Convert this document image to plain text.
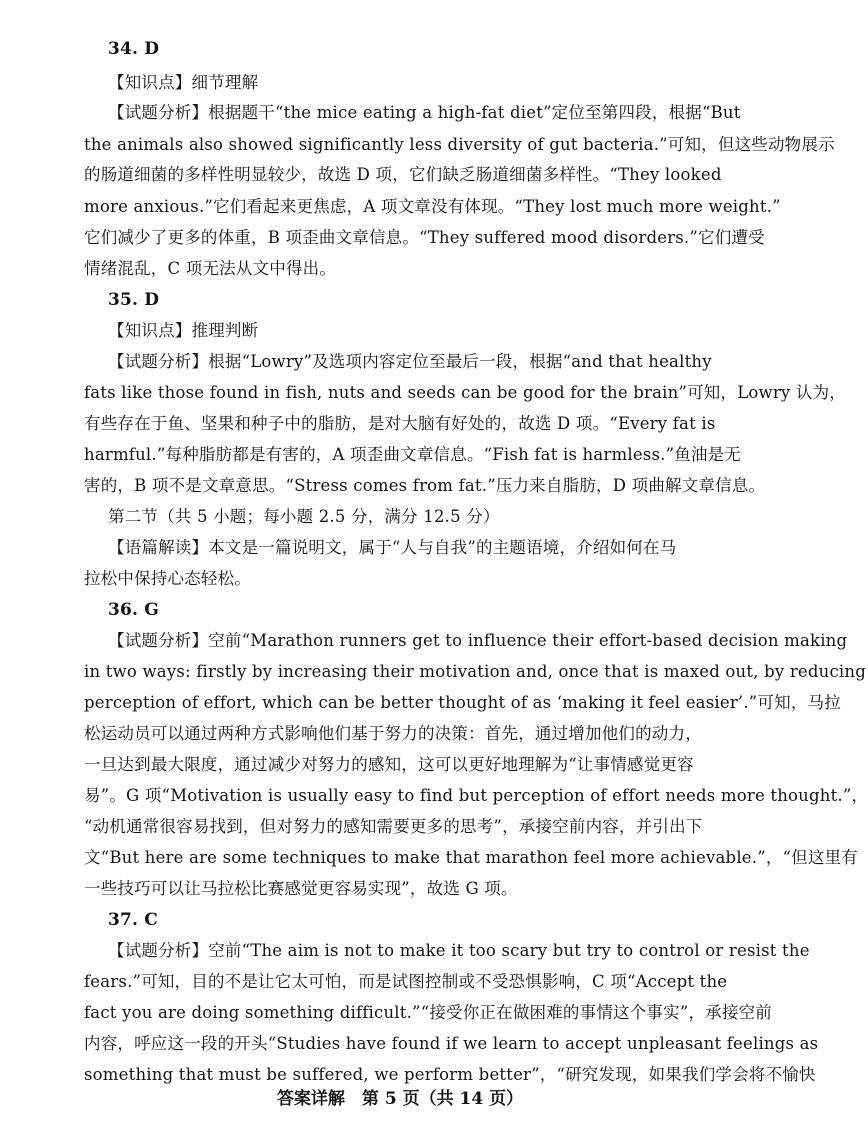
34. D
【知识点】细节理解
【试题分析】根据题干“the mice eating a high-fat diet”定位至第四段，根据“But
the animals also showed significantly less diversity of gut bacteria.”可知，但这些动物展示
的肠道细菌的多样性明显较少，故选 D 项，它们缺乏肠道细菌多样性。“They looked
more anxious.”它们看起来更焦虑，A 项文章没有体现。“They lost much more weight.”
它们减少了更多的体重，B 项歪曲文章信息。“They suffered mood disorders.”它们遭受
情绪混乱，C 项无法从文中得出。
35. D
【知识点】推理判断
【试题分析】根据“Lowry”及选项内容定位至最后一段，根据“and that healthy
fats like those found in fish, nuts and seeds can be good for the brain”可知，Lowry 认为，
有些存在于鱼、坚果和种子中的脂肪，是对大脑有好处的，故选 D 项。“Every fat is
harmful.”每种脂肪都是有害的，A 项歪曲文章信息。“Fish fat is harmless.”鱼油是无
害的，B 项不是文章意思。“Stress comes from fat.”压力来自脂肪，D 项曲解文章信息。
第二节（共 5 小题；每小题 2.5 分，满分 12.5 分）
【语篇解读】本文是一篇说明文，属于“人与自我”的主题语境，介绍如何在马
拉松中保持心态轻松。
36. G
【试题分析】空前“Marathon runners get to influence their effort-based decision making
in two ways: firstly by increasing their motivation and, once that is maxed out, by reducing
perception of effort, which can be better thought of as ‘making it feel easier’.”可知，马拉
松运动员可以通过两种方式影响他们基于努力的决策：首先，通过增加他们的动力，
一旦达到最大限度，通过减少对努力的感知，这可以更好地理解为“让事情感觉更容
易”。G 项“Motivation is usually easy to find but perception of effort needs more thought.”，
“动机通常很容易找到，但对努力的感知需要更多的思考”，承接空前内容，并引出下
文“But here are some techniques to make that marathon feel more achievable.”，“但这里有
一些技巧可以让马拉松比赛感觉更容易实现”，故选 G 项。
37. C
【试题分析】空前“The aim is not to make it too scary but try to control or resist the
fears.”可知，目的不是让它太可怕，而是试图控制或不受恐惧影响，C 项“Accept the
fact you are doing something difficult.”“接受你正在做困难的事情这个事实”，承接空前
内容，呼应这一段的开头“Studies have found if we learn to accept unpleasant feelings as
something that must be suffered, we perform better”，“研究发现，如果我们学会将不愉快
答案详解　第 5 页（共 14 页）
